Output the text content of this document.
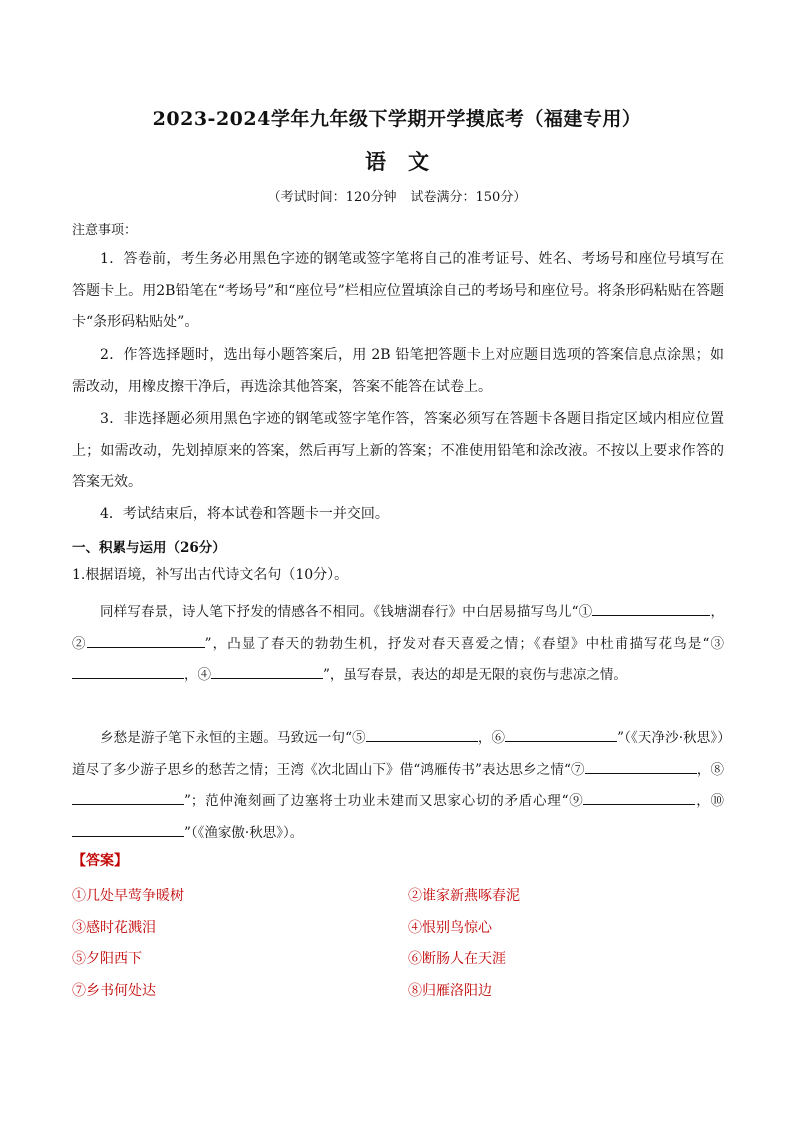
2023-2024学年九年级下学期开学摸底考（福建专用）
语文
（考试时间：120分钟 试卷满分：150分）
注意事项：
1．答卷前，考生务必用黑色字迹的钢笔或签字笔将自己的准考证号、姓名、考场号和座位号填写在答题卡上。用2B铅笔在“考场号”和“座位号”栏相应位置填涂自己的考场号和座位号。将条形码粘贴在答题卡“条形码粘贴处”。
2．作答选择题时，选出每小题答案后，用 2B 铅笔把答题卡上对应题目选项的答案信息点涂黑；如需改动，用橡皮擦干净后，再选涂其他答案，答案不能答在试卷上。
3．非选择题必须用黑色字迹的钢笔或签字笔作答，答案必须写在答题卡各题目指定区域内相应位置上；如需改动，先划掉原来的答案，然后再写上新的答案；不准使用铅笔和涂改液。不按以上要求作答的答案无效。
4．考试结束后，将本试卷和答题卡一并交回。
一、积累与运用（26分）
1.根据语境，补写出古代诗文名句（10分）。
同样写春景，诗人笔下抒发的情感各不相同。《钱塘湖春行》中白居易描写鸟儿“①	，②	”，凸显了春天的勃勃生机，抒发对春天喜爱之情；《春望》中杜甫描写花鸟是“③，④	”，虽写春景，表达的却是无限的哀伤与悲凉之情。
乡愁是游子笔下永恒的主题。马致远一句“⑤	，⑥	”（《天净沙·秋思》）道尽了多少游子思乡的愁苦之情；王湾《次北固山下》借“鸿雁传书”表达思乡之情“⑦	，⑧”；范仲淹刻画了边塞将士功业未建而又思家心切的矛盾心理“⑨	，⑩”（《渔家傲·秋思》）。
【答案】
①几处早莺争暖树	②谁家新燕啄春泥
③感时花溅泪	④恨别鸟惊心
⑤夕阳西下	⑥断肠人在天涯
⑦乡书何处达	⑧归雁洛阳边
